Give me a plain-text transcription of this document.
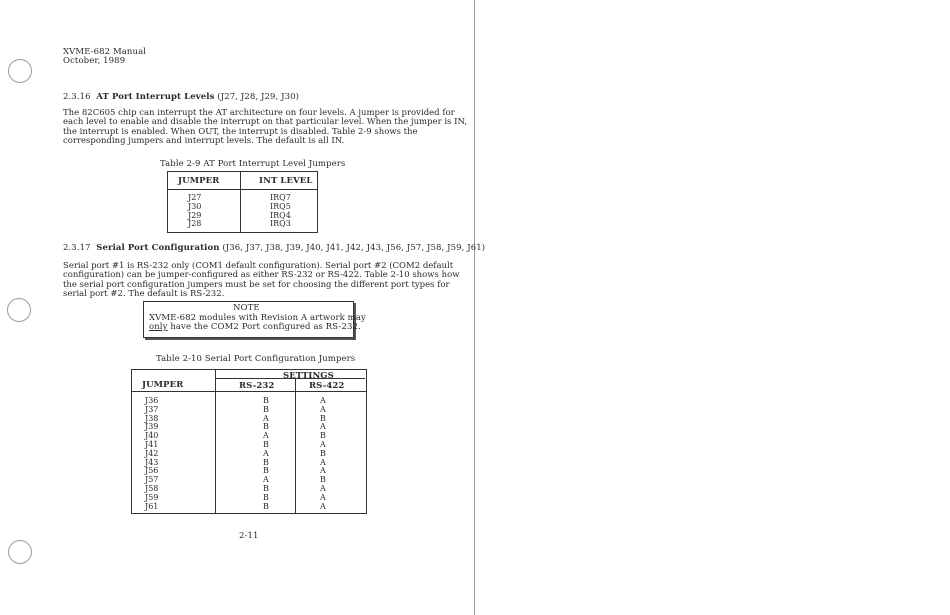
XVME-682 Manual
October, 1989
2.3.16 AT Port Interrupt Levels (J27, J28, J29, J30)
The 82C605 chip can interrupt the AT architecture on four levels. A jumper is provided for
each level to enable and disable the interrupt on that particular level. When the jumper is IN,
the interrupt is enabled. When OUT, the interrupt is disabled. Table 2-9 shows the
corresponding jumpers and interrupt levels. The default is all IN.
Table 2-9 AT Port Interrupt Level Jumpers
JUMPER	INT LEVEL
J27
J30
J29
J28
IRQ7
IRQ5
IRQ4
IRQ3
2.3.17 Serial Port Configuration (J36, J37, J38, J39, J40, J41, J42, J43, J56, J57, J58, J59, J61)
Serial port #1 is RS-232 only (COM1 default configuration). Serial port #2 (COM2 default
configuration) can be jumper-configured as either RS-232 or RS-422. Table 2-10 shows how
the serial port configuration jumpers must be set for choosing the different port types for
serial port #2. The default is RS-232.
NOTE
XVME-682 modules with Revision A artwork may
only have the COM2 Port configured as RS-232.
Table 2-10 Serial Port Configuration Jumpers
JUMPER
SETTINGS
RS-232	RS-422
J36
J37
J38
J39
J40
J41
J42
J43
J56
J57
J58
J59
J61
B
B
A
B
A
B
A
B
B
A
B
B
B
A
A
B
A
B
A
B
A
A
B
A
A
A
2-11
